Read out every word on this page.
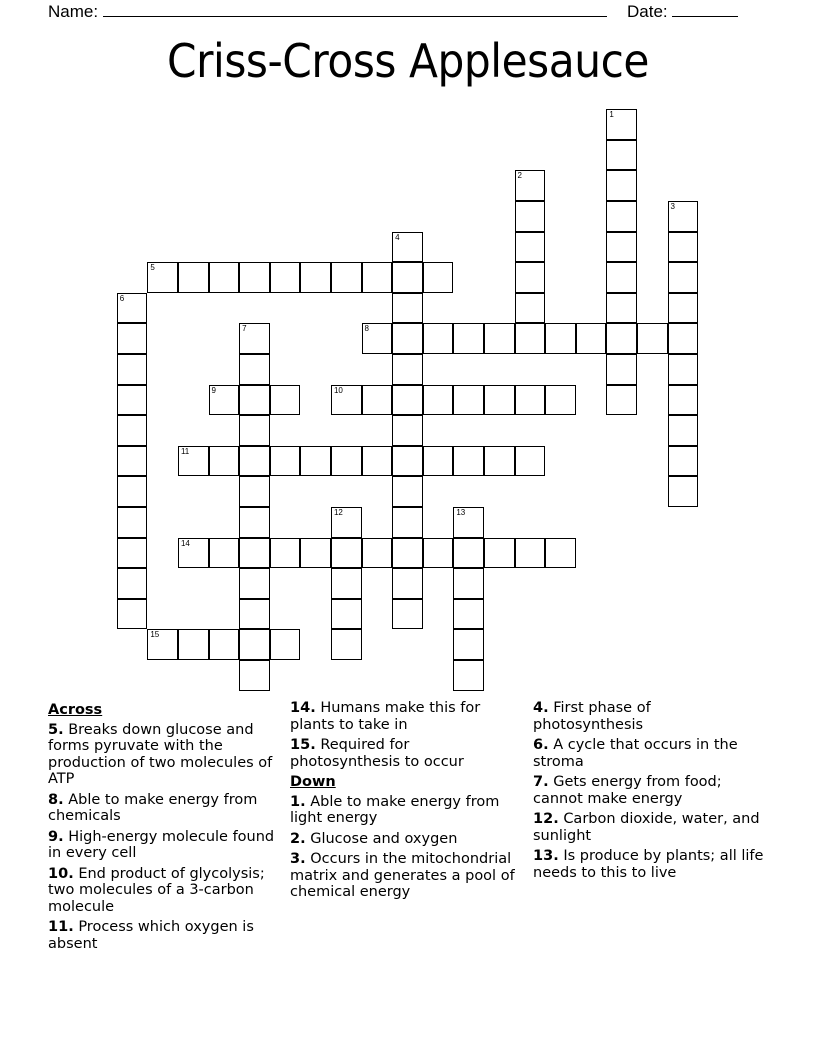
Name:	Date:
Criss-Cross Applesauce
1
2
3
4
5
6
7	8
9	10
11
12	13
14
15
Across
5. Breaks down glucose and forms pyruvate with the production of two molecules of ATP
8. Able to make energy from chemicals
9. High-energy molecule found in every cell
10. End product of glycolysis; two molecules of a 3-carbon molecule
11. Process which oxygen is absent
14. Humans make this for plants to take in
15. Required for photosynthesis to occur
Down
1. Able to make energy from light energy
2. Glucose and oxygen
3. Occurs in the mitochondrial matrix and generates a pool of chemical energy
4. First phase of photosynthesis
6. A cycle that occurs in the stroma
7. Gets energy from food; cannot make energy
12. Carbon dioxide, water, and sunlight
13. Is produce by plants; all life needs to this to live
